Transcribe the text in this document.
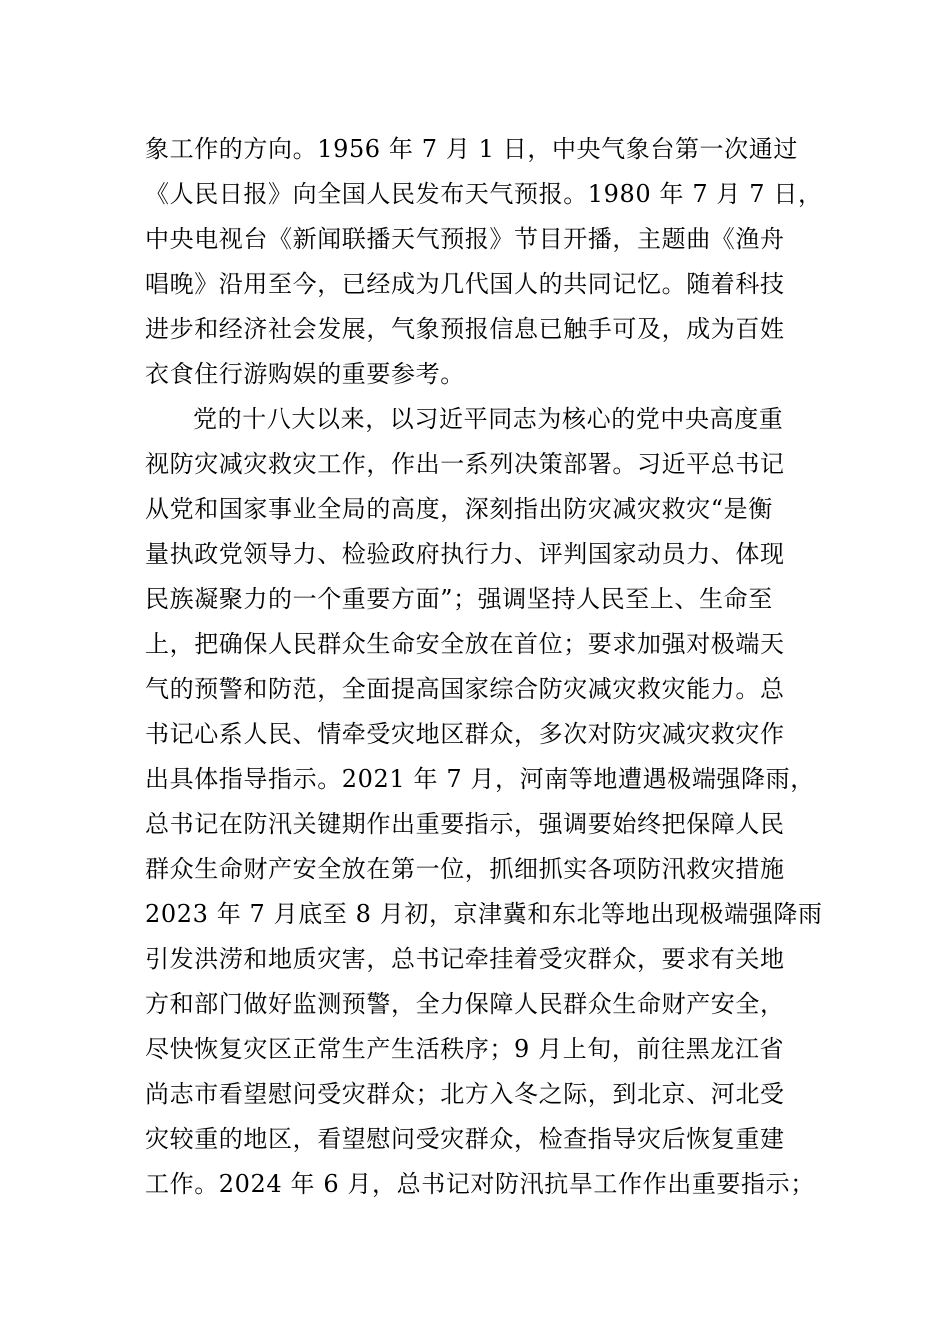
象工作的方向。1956 年 7 月 1 日，中央气象台第一次通过
《人民日报》向全国人民发布天气预报。1980 年 7 月 7 日，
中央电视台《新闻联播天气预报》节目开播，主题曲《渔舟
唱晚》沿用至今，已经成为几代国人的共同记忆。随着科技
进步和经济社会发展，气象预报信息已触手可及，成为百姓
衣食住行游购娱的重要参考。
党的十八大以来，以习近平同志为核心的党中央高度重
视防灾减灾救灾工作，作出一系列决策部署。习近平总书记
从党和国家事业全局的高度，深刻指出防灾减灾救灾“是衡
量执政党领导力、检验政府执行力、评判国家动员力、体现
民族凝聚力的一个重要方面”；强调坚持人民至上、生命至
上，把确保人民群众生命安全放在首位；要求加强对极端天
气的预警和防范，全面提高国家综合防灾减灾救灾能力。总
书记心系人民、情牵受灾地区群众，多次对防灾减灾救灾作
出具体指导指示。2021 年 7 月，河南等地遭遇极端强降雨，
总书记在防汛关键期作出重要指示，强调要始终把保障人民
群众生命财产安全放在第一位，抓细抓实各项防汛救灾措施
2023 年 7 月底至 8 月初，京津冀和东北等地出现极端强降雨
引发洪涝和地质灾害，总书记牵挂着受灾群众，要求有关地
方和部门做好监测预警，全力保障人民群众生命财产安全，
尽快恢复灾区正常生产生活秩序；9 月上旬，前往黑龙江省
尚志市看望慰问受灾群众；北方入冬之际，到北京、河北受
灾较重的地区，看望慰问受灾群众，检查指导灾后恢复重建
工作。2024 年 6 月，总书记对防汛抗旱工作作出重要指示；
